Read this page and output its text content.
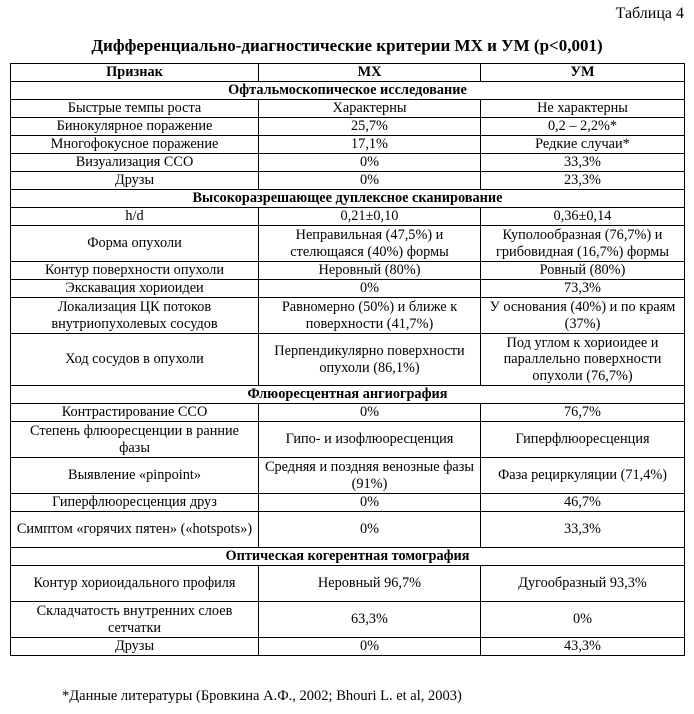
Таблица 4
Дифференциально-диагностические критерии МХ и УМ (p<0,001)
Признак	МХ	УМ
Офтальмоскопическое исследование		
Быстрые темпы роста	Характерны	Не характерны
Бинокулярное поражение	25,7%	0,2 – 2,2%*
Многофокусное поражение	17,1%	Редкие случаи*
Визуализация ССО	0%	33,3%
Друзы	0%	23,3%
Высокоразрешающее дуплексное сканирование		
h/d	0,21±0,10	0,36±0,14
Форма опухоли	Неправильная (47,5%) и стелющаяся (40%) формы	Куполообразная (76,7%) и грибовидная (16,7%) формы
Контур поверхности опухоли	Неровный (80%)	Ровный (80%)
Экскавация хориоидеи	0%	73,3%
Локализация ЦК потоков внутриопухолевых сосудов	Равномерно (50%) и ближе к поверхности (41,7%)	У основания (40%) и по краям (37%)
Ход сосудов в опухоли	Перпендикулярно поверхности опухоли (86,1%)	Под углом к хориоидее и параллельно поверхности опухоли (76,7%)
Флюоресцентная ангиография		
Контрастирование ССО	0%	76,7%
Степень флюоресценции в ранние фазы	Гипо- и изофлюоресценция	Гиперфлюоресценция
Выявление «pinpoint»	Средняя и поздняя венозные фазы (91%)	Фаза рециркуляции (71,4%)
Гиперфлюоресценция друз	0%	46,7%
Симптом «горячих пятен» («hotspots»)	0%	33,3%
Оптическая когерентная томография		
Контур хориоидального профиля	Неровный 96,7%	Дугообразный 93,3%
Складчатость внутренних слоев сетчатки	63,3%	0%
Друзы	0%	43,3%
*Данные литературы (Бровкина А.Ф., 2002; Bhouri L. et al, 2003)
